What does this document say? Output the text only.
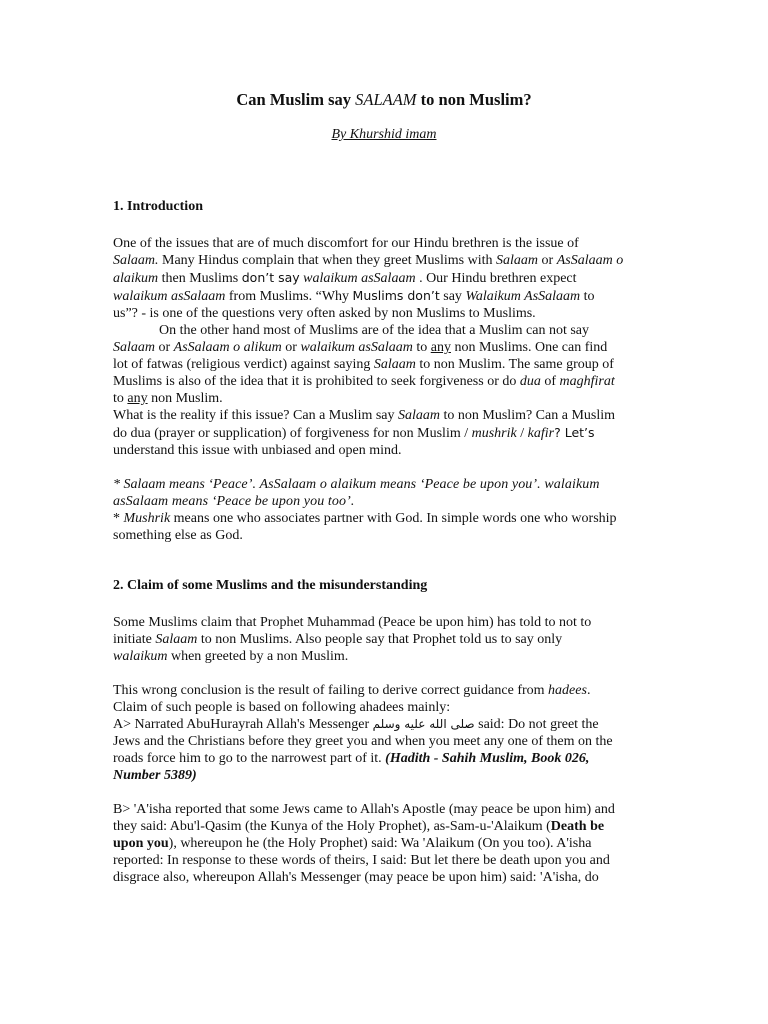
Can Muslim say SALAAM to non Muslim?
By Khurshid imam

1. Introduction

One of the issues that are of much discomfort for our Hindu brethren is the issue of
Salaam. Many Hindus complain that when they greet Muslims with Salaam or AsSalaam o alaikum then Muslims don’t say walaikum asSalaam . Our Hindu brethren expect
walaikum asSalaam from Muslims. “Why Muslims don’t say Walaikum AsSalaam to
us”? - is one of the questions very often asked by non Muslims to Muslims.

On the other hand most of Muslims are of the idea that a Muslim can not say

Salaam or AsSalaam o alikum or walaikum asSalaam to any non Muslims. One can find
lot of fatwas (religious verdict) against saying Salaam to non Muslim. The same group of
Muslims is also of the idea that it is prohibited to seek forgiveness or do dua of maghfirat
to any non Muslim.

What is the reality if this issue? Can a Muslim say Salaam to non Muslim? Can a Muslim
do dua (prayer or supplication) of forgiveness for non Muslim / mushrik / kafir? Let’s
understand this issue with unbiased and open mind.

* Salaam means ‘Peace’. AsSalaam o alaikum means ‘Peace be upon you’. walaikum
asSalaam means ‘Peace be upon you too’.

* Mushrik means one who associates partner with God. In simple words one who worship
something else as God.

2. Claim of some Muslims and the misunderstanding

Some Muslims claim that Prophet Muhammad (Peace be upon him) has told to not to
initiate Salaam to non Muslims. Also people say that Prophet told us to say only
walaikum when greeted by a non Muslim.

This wrong conclusion is the result of failing to derive correct guidance from hadees.
Claim of such people is based on following ahadees mainly:
A> Narrated AbuHurayrah Allah's Messenger صلى الله عليه وسلم said: Do not greet the
Jews and the Christians before they greet you and when you meet any one of them on the
roads force him to go to the narrowest part of it. (Hadith - Sahih Muslim, Book 026,
Number 5389)

B> 'A'isha reported that some Jews came to Allah's Apostle (may peace be upon him) and
they said: Abu'l-Qasim (the Kunya of the Holy Prophet), as-Sam-u-'Alaikum (Death be
upon you), whereupon he (the Holy Prophet) said: Wa 'Alaikum (On you too). A'isha
reported: In response to these words of theirs, I said: But let there be death upon you and
disgrace also, whereupon Allah's Messenger (may peace be upon him) said: 'A'isha, do
